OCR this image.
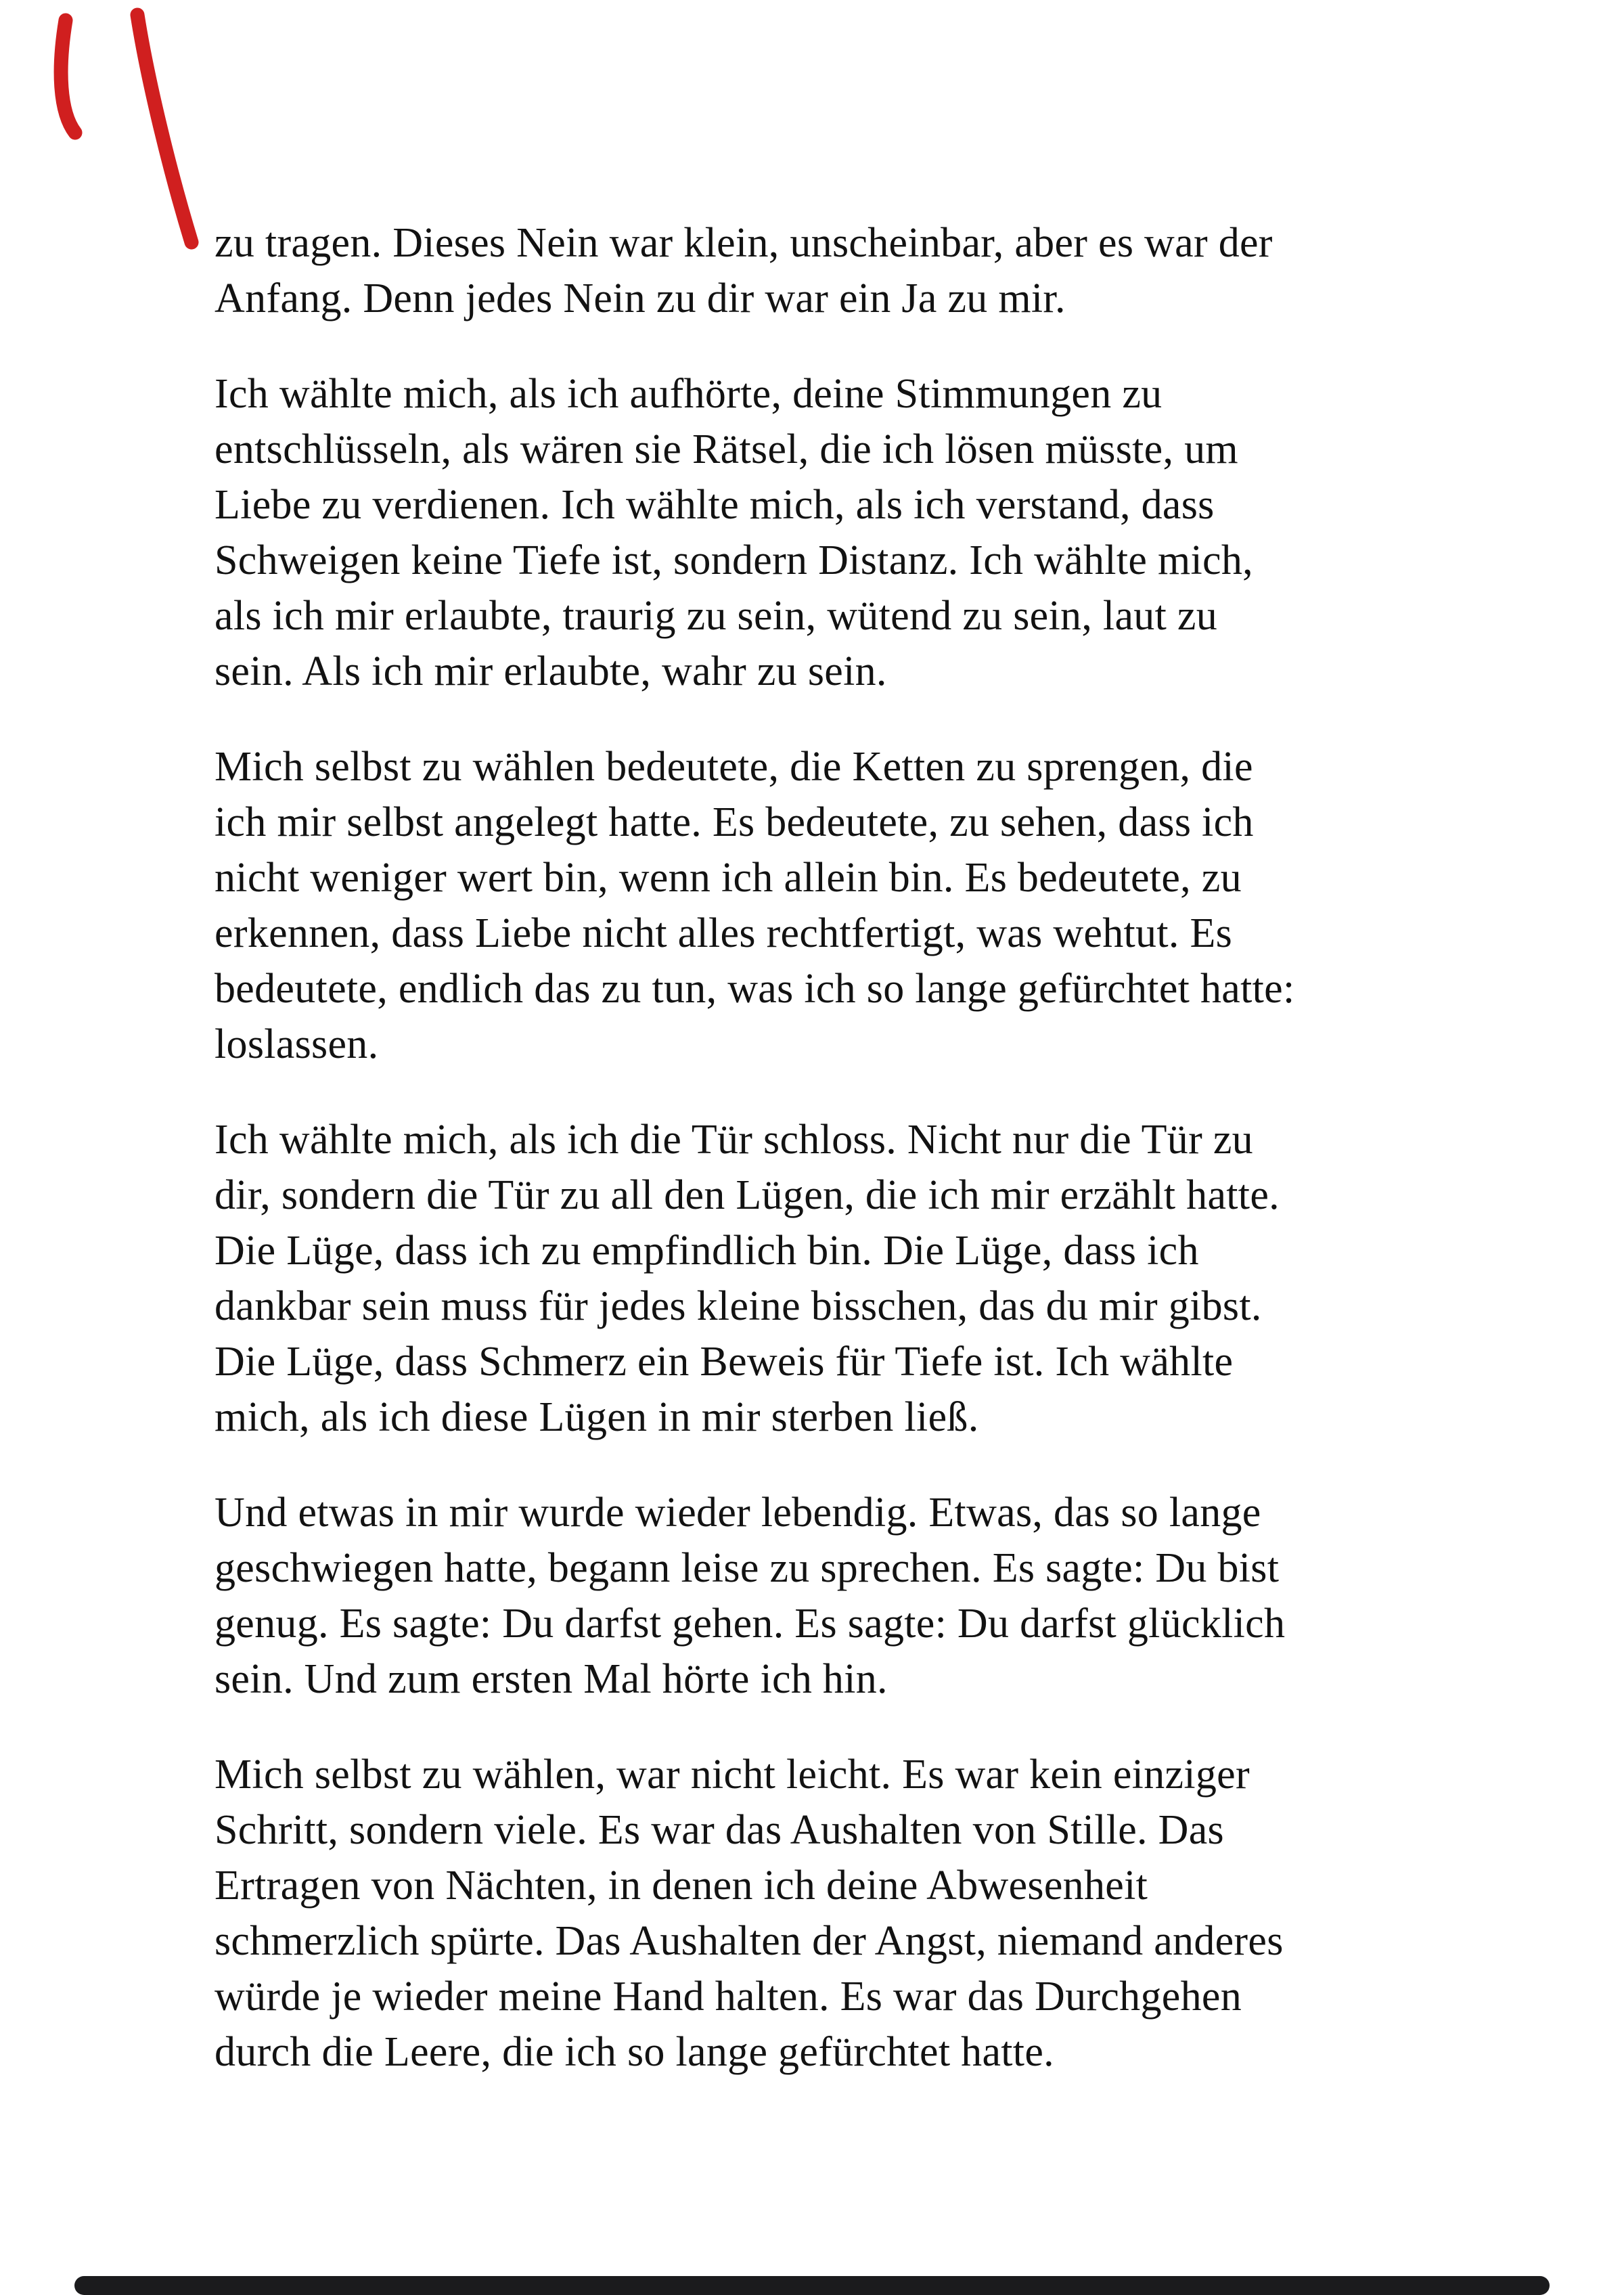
zu tragen. Dieses Nein war klein, unscheinbar, aber es war der
Anfang. Denn jedes Nein zu dir war ein Ja zu mir.

Ich wählte mich, als ich aufhörte, deine Stimmungen zu
entschlüsseln, als wären sie Rätsel, die ich lösen müsste, um
Liebe zu verdienen. Ich wählte mich, als ich verstand, dass
Schweigen keine Tiefe ist, sondern Distanz. Ich wählte mich,
als ich mir erlaubte, traurig zu sein, wütend zu sein, laut zu
sein. Als ich mir erlaubte, wahr zu sein.

Mich selbst zu wählen bedeutete, die Ketten zu sprengen, die
ich mir selbst angelegt hatte. Es bedeutete, zu sehen, dass ich
nicht weniger wert bin, wenn ich allein bin. Es bedeutete, zu
erkennen, dass Liebe nicht alles rechtfertigt, was wehtut. Es
bedeutete, endlich das zu tun, was ich so lange gefürchtet hatte:
loslassen.

Ich wählte mich, als ich die Tür schloss. Nicht nur die Tür zu
dir, sondern die Tür zu all den Lügen, die ich mir erzählt hatte.
Die Lüge, dass ich zu empfindlich bin. Die Lüge, dass ich
dankbar sein muss für jedes kleine bisschen, das du mir gibst.
Die Lüge, dass Schmerz ein Beweis für Tiefe ist. Ich wählte
mich, als ich diese Lügen in mir sterben ließ.

Und etwas in mir wurde wieder lebendig. Etwas, das so lange
geschwiegen hatte, begann leise zu sprechen. Es sagte: Du bist
genug. Es sagte: Du darfst gehen. Es sagte: Du darfst glücklich
sein. Und zum ersten Mal hörte ich hin.

Mich selbst zu wählen, war nicht leicht. Es war kein einziger
Schritt, sondern viele. Es war das Aushalten von Stille. Das
Ertragen von Nächten, in denen ich deine Abwesenheit
schmerzlich spürte. Das Aushalten der Angst, niemand anderes
würde je wieder meine Hand halten. Es war das Durchgehen
durch die Leere, die ich so lange gefürchtet hatte.
